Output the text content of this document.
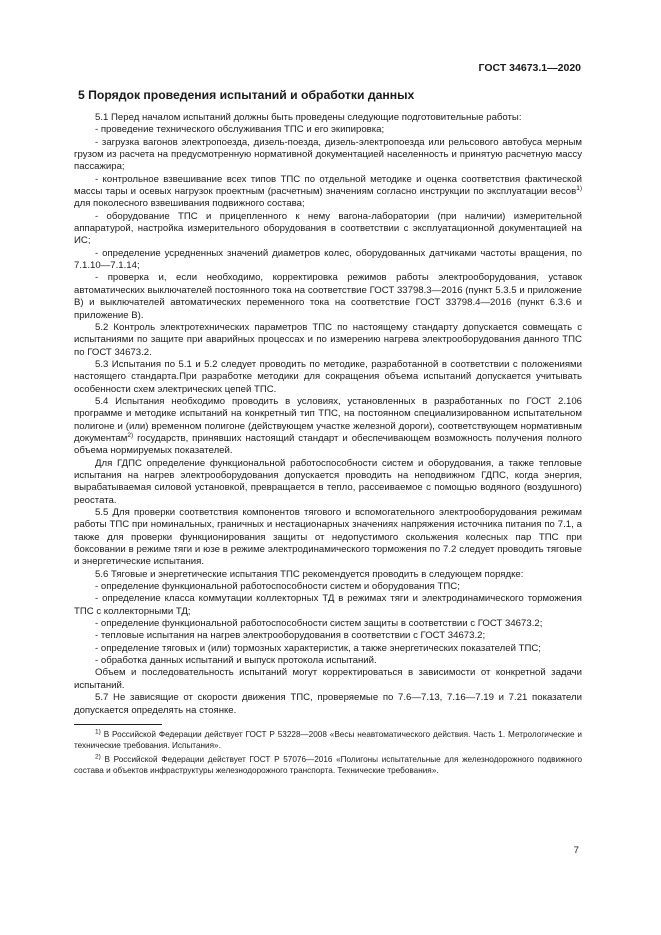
ГОСТ 34673.1—2020
5 Порядок проведения испытаний и обработки данных

5.1 Перед началом испытаний должны быть проведены следующие подготовительные работы:

- проведение технического обслуживания ТПС и его экипировка;

- загрузка вагонов электропоезда, дизель-поезда, дизель-электропоезда или рельсового автобуса мерным грузом из расчета на предусмотренную нормативной документацией населенность и принятую расчетную массу пассажира;

- контрольное взвешивание всех типов ТПС по отдельной методике и оценка соответствия фактической массы тары и осевых нагрузок проектным (расчетным) значениям согласно инструкции по эксплуатации весов$^{1)}$ для поколесного взвешивания подвижного состава;

- оборудование ТПС и прицепленного к нему вагона-лаборатории (при наличии) измерительной аппаратурой, настройка измерительного оборудования в соответствии с эксплуатационной документацией на ИС;

- определение усредненных значений диаметров колес, оборудованных датчиками частоты вращения, по 7.1.10—7.1.14;

- проверка и, если необходимо, корректировка режимов работы электрооборудования, уставок автоматических выключателей постоянного тока на соответствие ГОСТ 33798.3—2016 (пункт 5.3.5 и приложение В) и выключателей автоматических переменного тока на соответствие ГОСТ 33798.4—2016 (пункт 6.3.6 и приложение В).

5.2 Контроль электротехнических параметров ТПС по настоящему стандарту допускается совмещать с испытаниями по защите при аварийных процессах и по измерению нагрева электрооборудования данного ТПС по ГОСТ 34673.2.

5.3 Испытания по 5.1 и 5.2 следует проводить по методике, разработанной в соответствии с положениями настоящего стандарта.При разработке методики для сокращения объема испытаний допускается учитывать особенности схем электрических цепей ТПС.

5.4 Испытания необходимо проводить в условиях, установленных в разработанных по ГОСТ 2.106 программе и методике испытаний на конкретный тип ТПС, на постоянном специализированном испытательном полигоне и (или) временном полигоне (действующем участке железной дороги), соответствующем нормативным документам$^{2)}$ государств, принявших настоящий стандарт и обеспечивающем возможность получения полного объема нормируемых показателей.

Для ГДПС определение функциональной работоспособности систем и оборудования, а также тепловые испытания на нагрев электрооборудования допускается проводить на неподвижном ГДПС, когда энергия, вырабатываемая силовой установкой, превращается в тепло, рассеиваемое с помощью водяного (воздушного) реостата.

5.5 Для проверки соответствия компонентов тягового и вспомогательного электрооборудования режимам работы ТПС при номинальных, граничных и нестационарных значениях напряжения источника питания по 7.1, а также для проверки функционирования защиты от недопустимого скольжения колесных пар ТПС при боксовании в режиме тяги и юзе в режиме электродинамического торможения по 7.2 следует проводить тяговые и энергетические испытания.

5.6 Тяговые и энергетические испытания ТПС рекомендуется проводить в следующем порядке:

- определение функциональной работоспособности систем и оборудования ТПС;

- определение класса коммутации коллекторных ТД в режимах тяги и электродинамического торможения ТПС с коллекторными ТД;

- определение функциональной работоспособности систем защиты в соответствии с ГОСТ 34673.2;

- тепловые испытания на нагрев электрооборудования в соответствии с ГОСТ 34673.2;

- определение тяговых и (или) тормозных характеристик, а также энергетических показателей ТПС;

- обработка данных испытаний и выпуск протокола испытаний.

Объем и последовательность испытаний могут корректироваться в зависимости от конкретной задачи испытаний.

5.7 Не зависящие от скорости движения ТПС, проверяемые по 7.6—7.13, 7.16—7.19 и 7.21 показатели допускается определять на стоянке.

$^{1)}$ В Российской Федерации действует ГОСТ Р 53228—2008 «Весы неавтоматического действия. Часть 1. Метрологические и технические требования. Испытания».

$^{2)}$ В Российской Федерации действует ГОСТ Р 57076—2016 «Полигоны испытательные для железнодорожного подвижного состава и объектов инфраструктуры железнодорожного транспорта. Технические требования».

7
